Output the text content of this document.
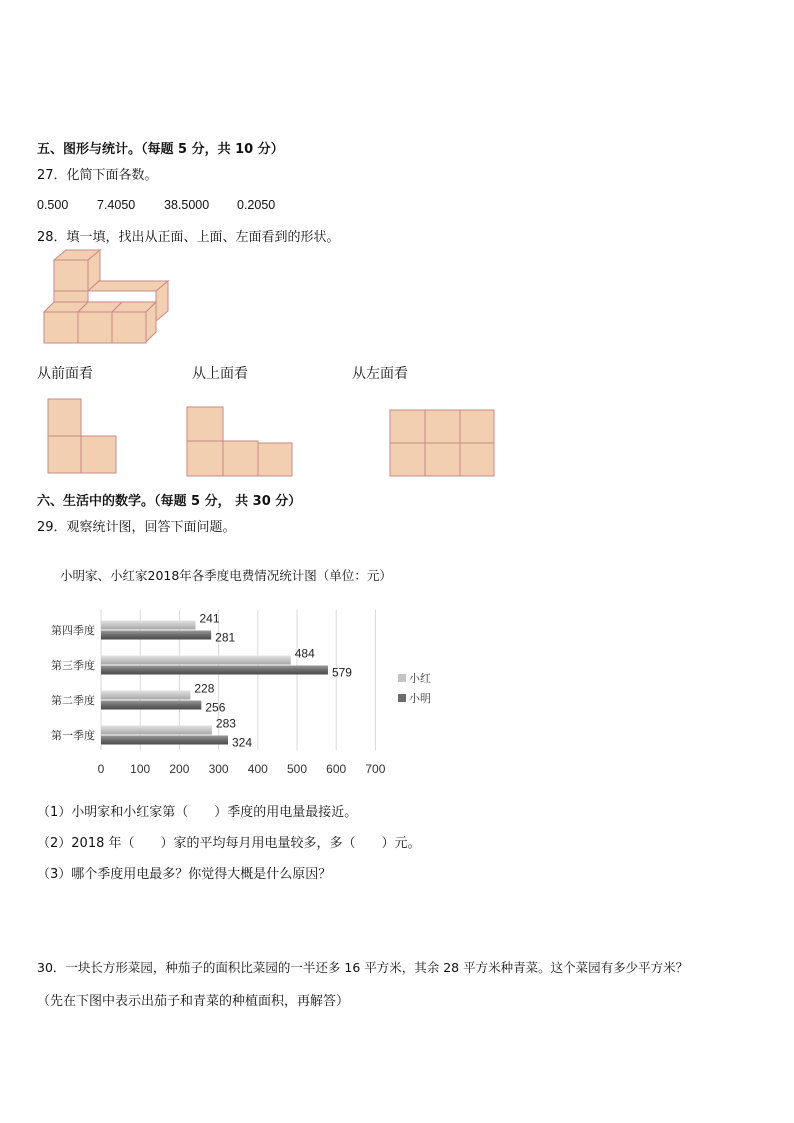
五、图形与统计。（每题 5 分，共 10 分）
27．化简下面各数。
0.500 7.4050 38.5000 0.2050
28．填一填，找出从正面、上面、左面看到的形状。
从前面看	从上面看	从左面看
六、生活中的数学。（每题 5 分， 共 30 分）
29．观察统计图，回答下面问题。
小明家、小红家2018年各季度电费情况统计图（单位：元）
第四季度
第三季度
第二季度
第一季度
241
281
484
579
228
256
283
324
0 100 200 300 400 500 600 700
小红
小明
（1）小明家和小红家第（　　）季度的用电量最接近。
（2）2018 年（　　）家的平均每月用电量较多，多（　　）元。
（3）哪个季度用电最多？你觉得大概是什么原因？
30．一块长方形菜园，种茄子的面积比菜园的一半还多 16 平方米，其余 28 平方米种青菜。这个菜园有多少平方米？
（先在下图中表示出茄子和青菜的种植面积，再解答）
